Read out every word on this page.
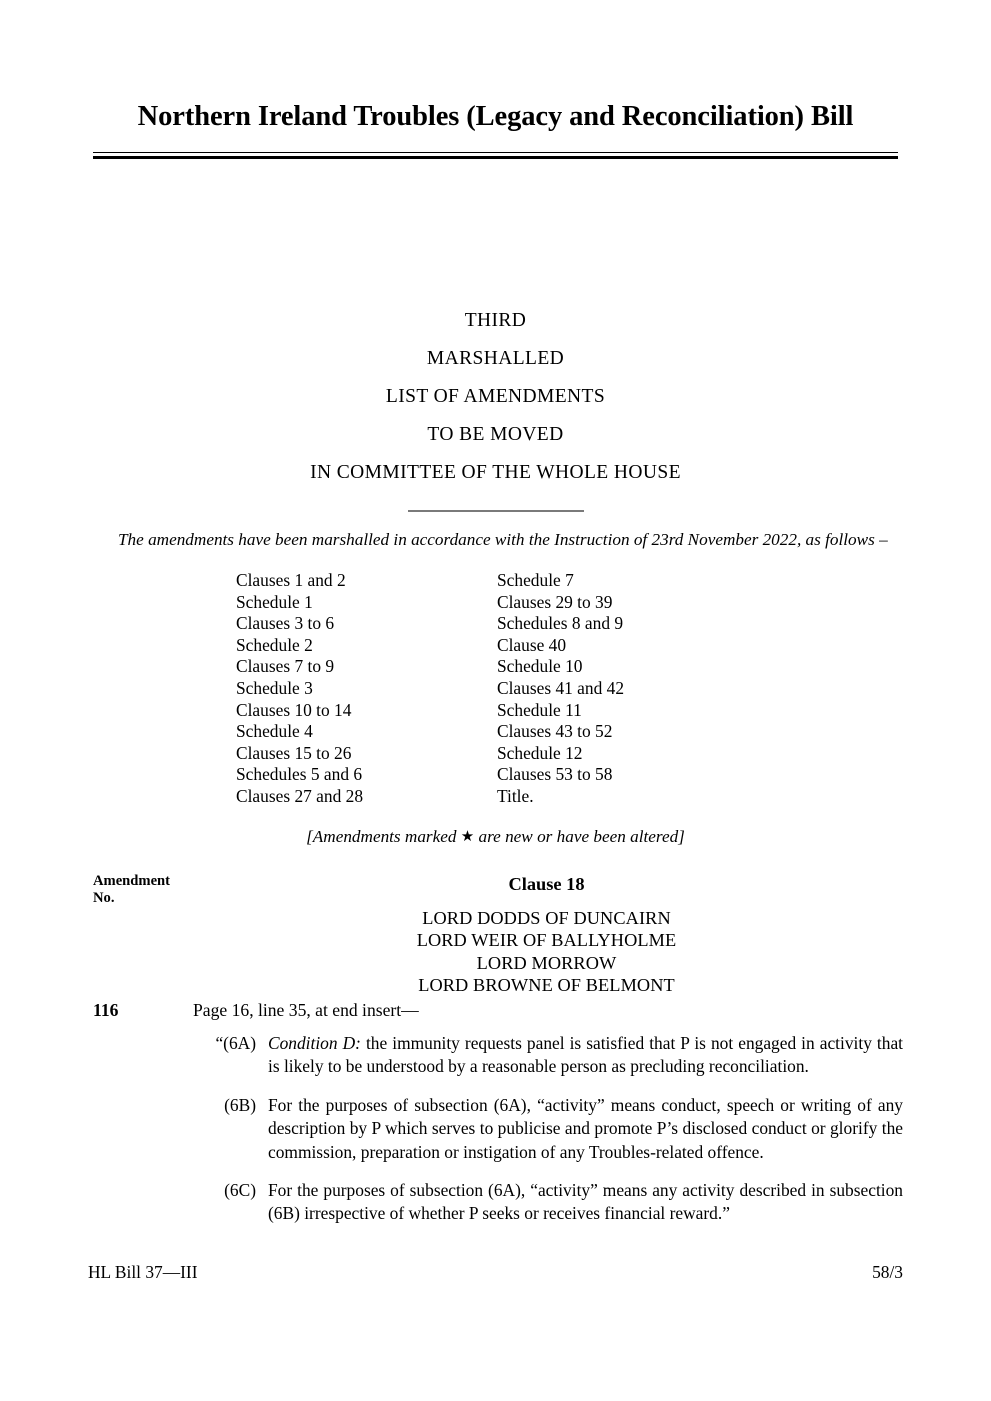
Northern Ireland Troubles (Legacy and Reconciliation) Bill
THIRD
MARSHALLED
LIST OF AMENDMENTS
TO BE MOVED
IN COMMITTEE OF THE WHOLE HOUSE
The amendments have been marshalled in accordance with the Instruction of 23rd November 2022, as follows –
Clauses 1 and 2
Schedule 1
Clauses 3 to 6
Schedule 2
Clauses 7 to 9
Schedule 3
Clauses 10 to 14
Schedule 4
Clauses 15 to 26
Schedules 5 and 6
Clauses 27 and 28
Schedule 7
Clauses 29 to 39
Schedules 8 and 9
Clause 40
Schedule 10
Clauses 41 and 42
Schedule 11
Clauses 43 to 52
Schedule 12
Clauses 53 to 58
Title.
[Amendments marked ★ are new or have been altered]
Amendment
No.
Clause 18
LORD DODDS OF DUNCAIRN
LORD WEIR OF BALLYHOLME
LORD MORROW
LORD BROWNE OF BELMONT
116	Page 16, line 35, at end insert—
“(6A) Condition D: the immunity requests panel is satisfied that P is not engaged in activity that is likely to be understood by a reasonable person as precluding reconciliation.
(6B) For the purposes of subsection (6A), “activity” means conduct, speech or writing of any description by P which serves to publicise and promote P’s disclosed conduct or glorify the commission, preparation or instigation of any Troubles-related offence.
(6C) For the purposes of subsection (6A), “activity” means any activity described in subsection (6B) irrespective of whether P seeks or receives financial reward.”
HL Bill 37—III	58/3
